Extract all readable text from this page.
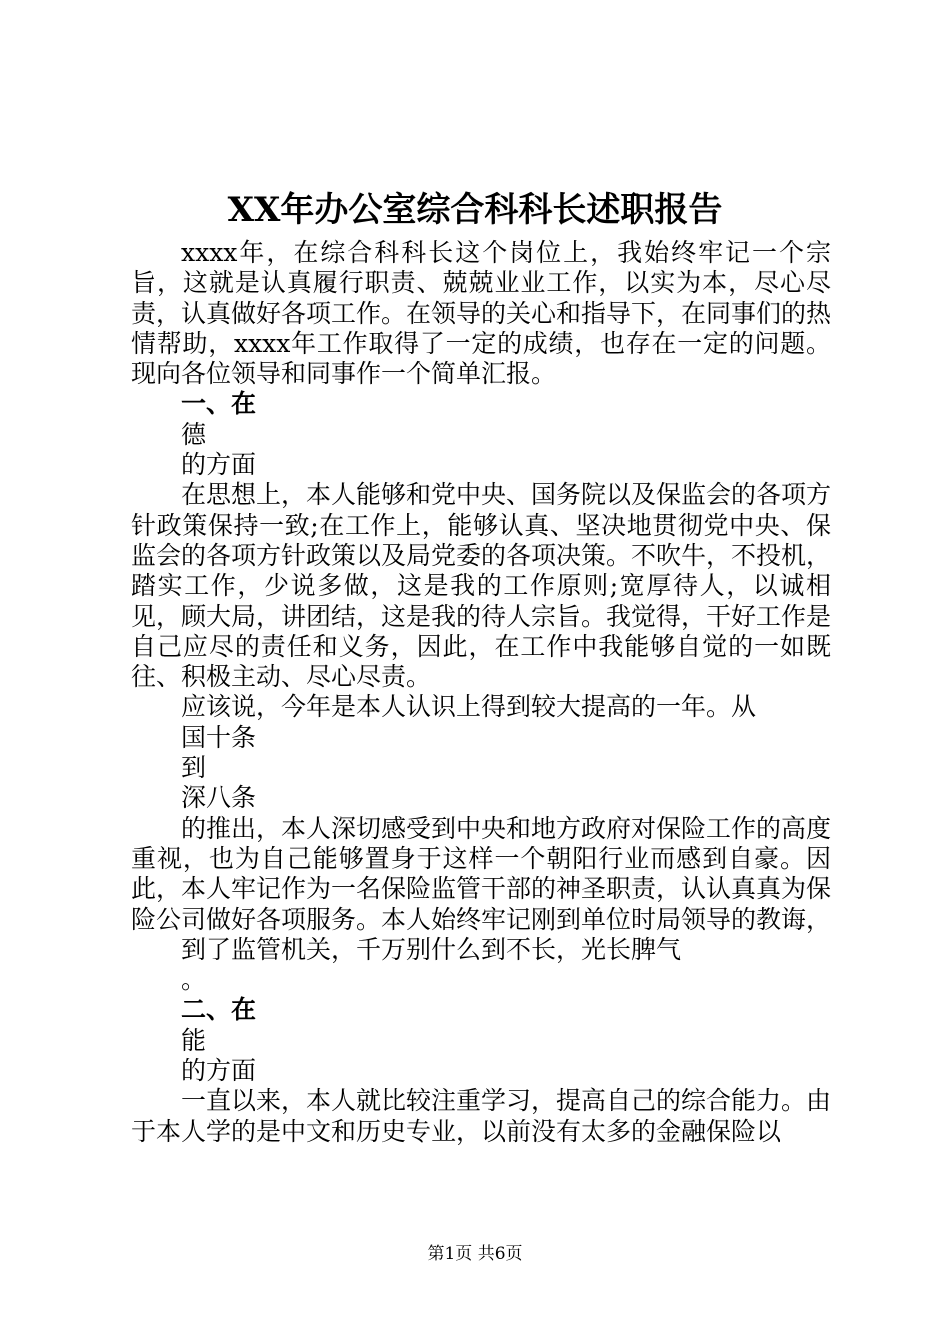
XX年办公室综合科科长述职报告

xxxx年，在综合科科长这个岗位上，我始终牢记一个宗旨，这就是认真履行职责、兢兢业业工作，以实为本，尽心尽责，认真做好各项工作。在领导的关心和指导下，在同事们的热情帮助，xxxx年工作取得了一定的成绩，也存在一定的问题。现向各位领导和同事作一个简单汇报。

一、在

德

的方面

在思想上，本人能够和党中央、国务院以及保监会的各项方针政策保持一致;在工作上，能够认真、坚决地贯彻党中央、保监会的各项方针政策以及局党委的各项决策。不吹牛，不投机，踏实工作，少说多做，这是我的工作原则;宽厚待人，以诚相见，顾大局，讲团结，这是我的待人宗旨。我觉得，干好工作是自己应尽的责任和义务，因此，在工作中我能够自觉的一如既往、积极主动、尽心尽责。

应该说，今年是本人认识上得到较大提高的一年。从

国十条

到

深八条

的推出，本人深切感受到中央和地方政府对保险工作的高度重视，也为自己能够置身于这样一个朝阳行业而感到自豪。因此，本人牢记作为一名保险监管干部的神圣职责，认认真真为保险公司做好各项服务。本人始终牢记刚到单位时局领导的教诲，

到了监管机关，千万别什么到不长，光长脾气

。

二、在

能

的方面

一直以来，本人就比较注重学习，提高自己的综合能力。由于本人学的是中文和历史专业，以前没有太多的金融保险以

第1页 共6页
